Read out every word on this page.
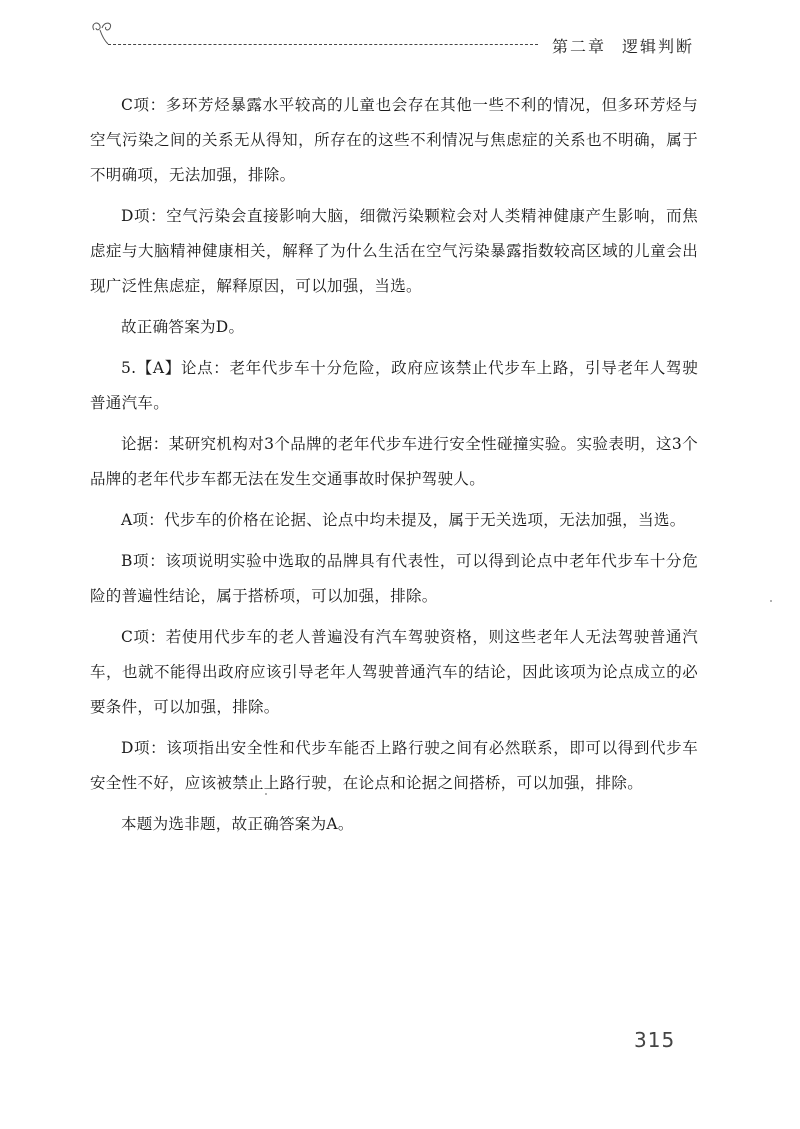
第二章 逻辑判断

C项：多环芳烃暴露水平较高的儿童也会存在其他一些不利的情况，但多环芳烃与空气污染之间的关系无从得知，所存在的这些不利情况与焦虑症的关系也不明确，属于不明确项，无法加强，排除。

D项：空气污染会直接影响大脑，细微污染颗粒会对人类精神健康产生影响，而焦虑症与大脑精神健康相关，解释了为什么生活在空气污染暴露指数较高区域的儿童会出现广泛性焦虑症，解释原因，可以加强，当选。

故正确答案为D。

5.【A】论点：老年代步车十分危险，政府应该禁止代步车上路，引导老年人驾驶普通汽车。

论据：某研究机构对3个品牌的老年代步车进行安全性碰撞实验。实验表明，这3个品牌的老年代步车都无法在发生交通事故时保护驾驶人。

A项：代步车的价格在论据、论点中均未提及，属于无关选项，无法加强，当选。

B项：该项说明实验中选取的品牌具有代表性，可以得到论点中老年代步车十分危险的普遍性结论，属于搭桥项，可以加强，排除。

C项：若使用代步车的老人普遍没有汽车驾驶资格，则这些老年人无法驾驶普通汽车，也就不能得出政府应该引导老年人驾驶普通汽车的结论，因此该项为论点成立的必要条件，可以加强，排除。

D项：该项指出安全性和代步车能否上路行驶之间有必然联系，即可以得到代步车安全性不好，应该被禁止上路行驶，在论点和论据之间搭桥，可以加强，排除。

本题为选非题，故正确答案为A。

315
